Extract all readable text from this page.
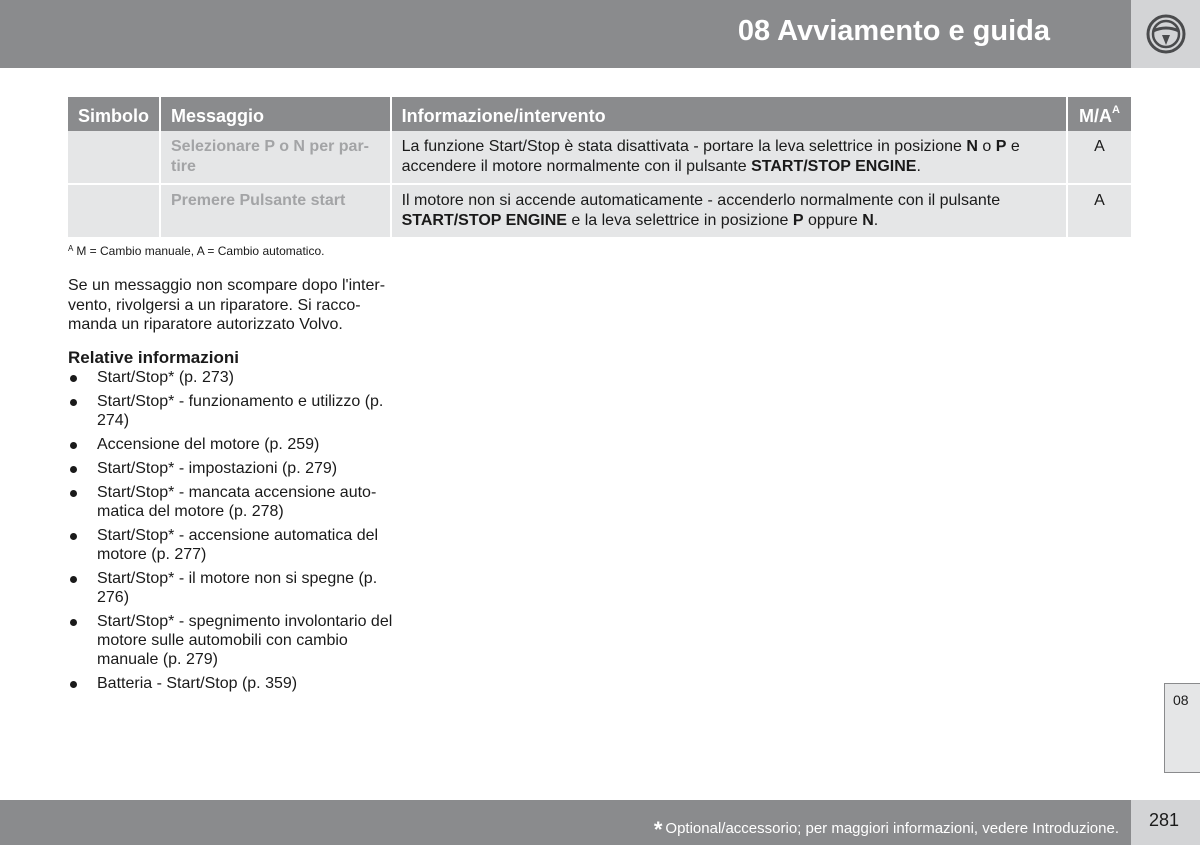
08 Avviamento e guida
Simbolo	Messaggio	Informazione/intervento	$M/A^A$
	Selezionare P o N per partire	La funzione Start/Stop è stata disattivata - portare la leva selettrice in posizione N o P e accendere il motore normalmente con il pulsante START/STOP ENGINE.	A
	Premere Pulsante start	Il motore non si accende automaticamente - accenderlo normalmente con il pulsante START/STOP ENGINE e la leva selettrice in posizione P oppure N.	A
$^A$ M = Cambio manuale, A = Cambio automatico.

Se un messaggio non scompare dopo l'intervento, rivolgersi a un riparatore. Si raccomanda un riparatore autorizzato Volvo.

Relative informazioni
Start/Stop* (p. 273)
Start/Stop* - funzionamento e utilizzo (p. 274)
Accensione del motore (p. 259)
Start/Stop* - impostazioni (p. 279)
Start/Stop* - mancata accensione automatica del motore (p. 278)
Start/Stop* - accensione automatica del motore (p. 277)
Start/Stop* - il motore non si spegne (p. 276)
Start/Stop* - spegnimento involontario del motore sulle automobili con cambio manuale (p. 279)
Batteria - Start/Stop (p. 359)
08
* Optional/accessorio; per maggiori informazioni, vedere Introduzione. 281
